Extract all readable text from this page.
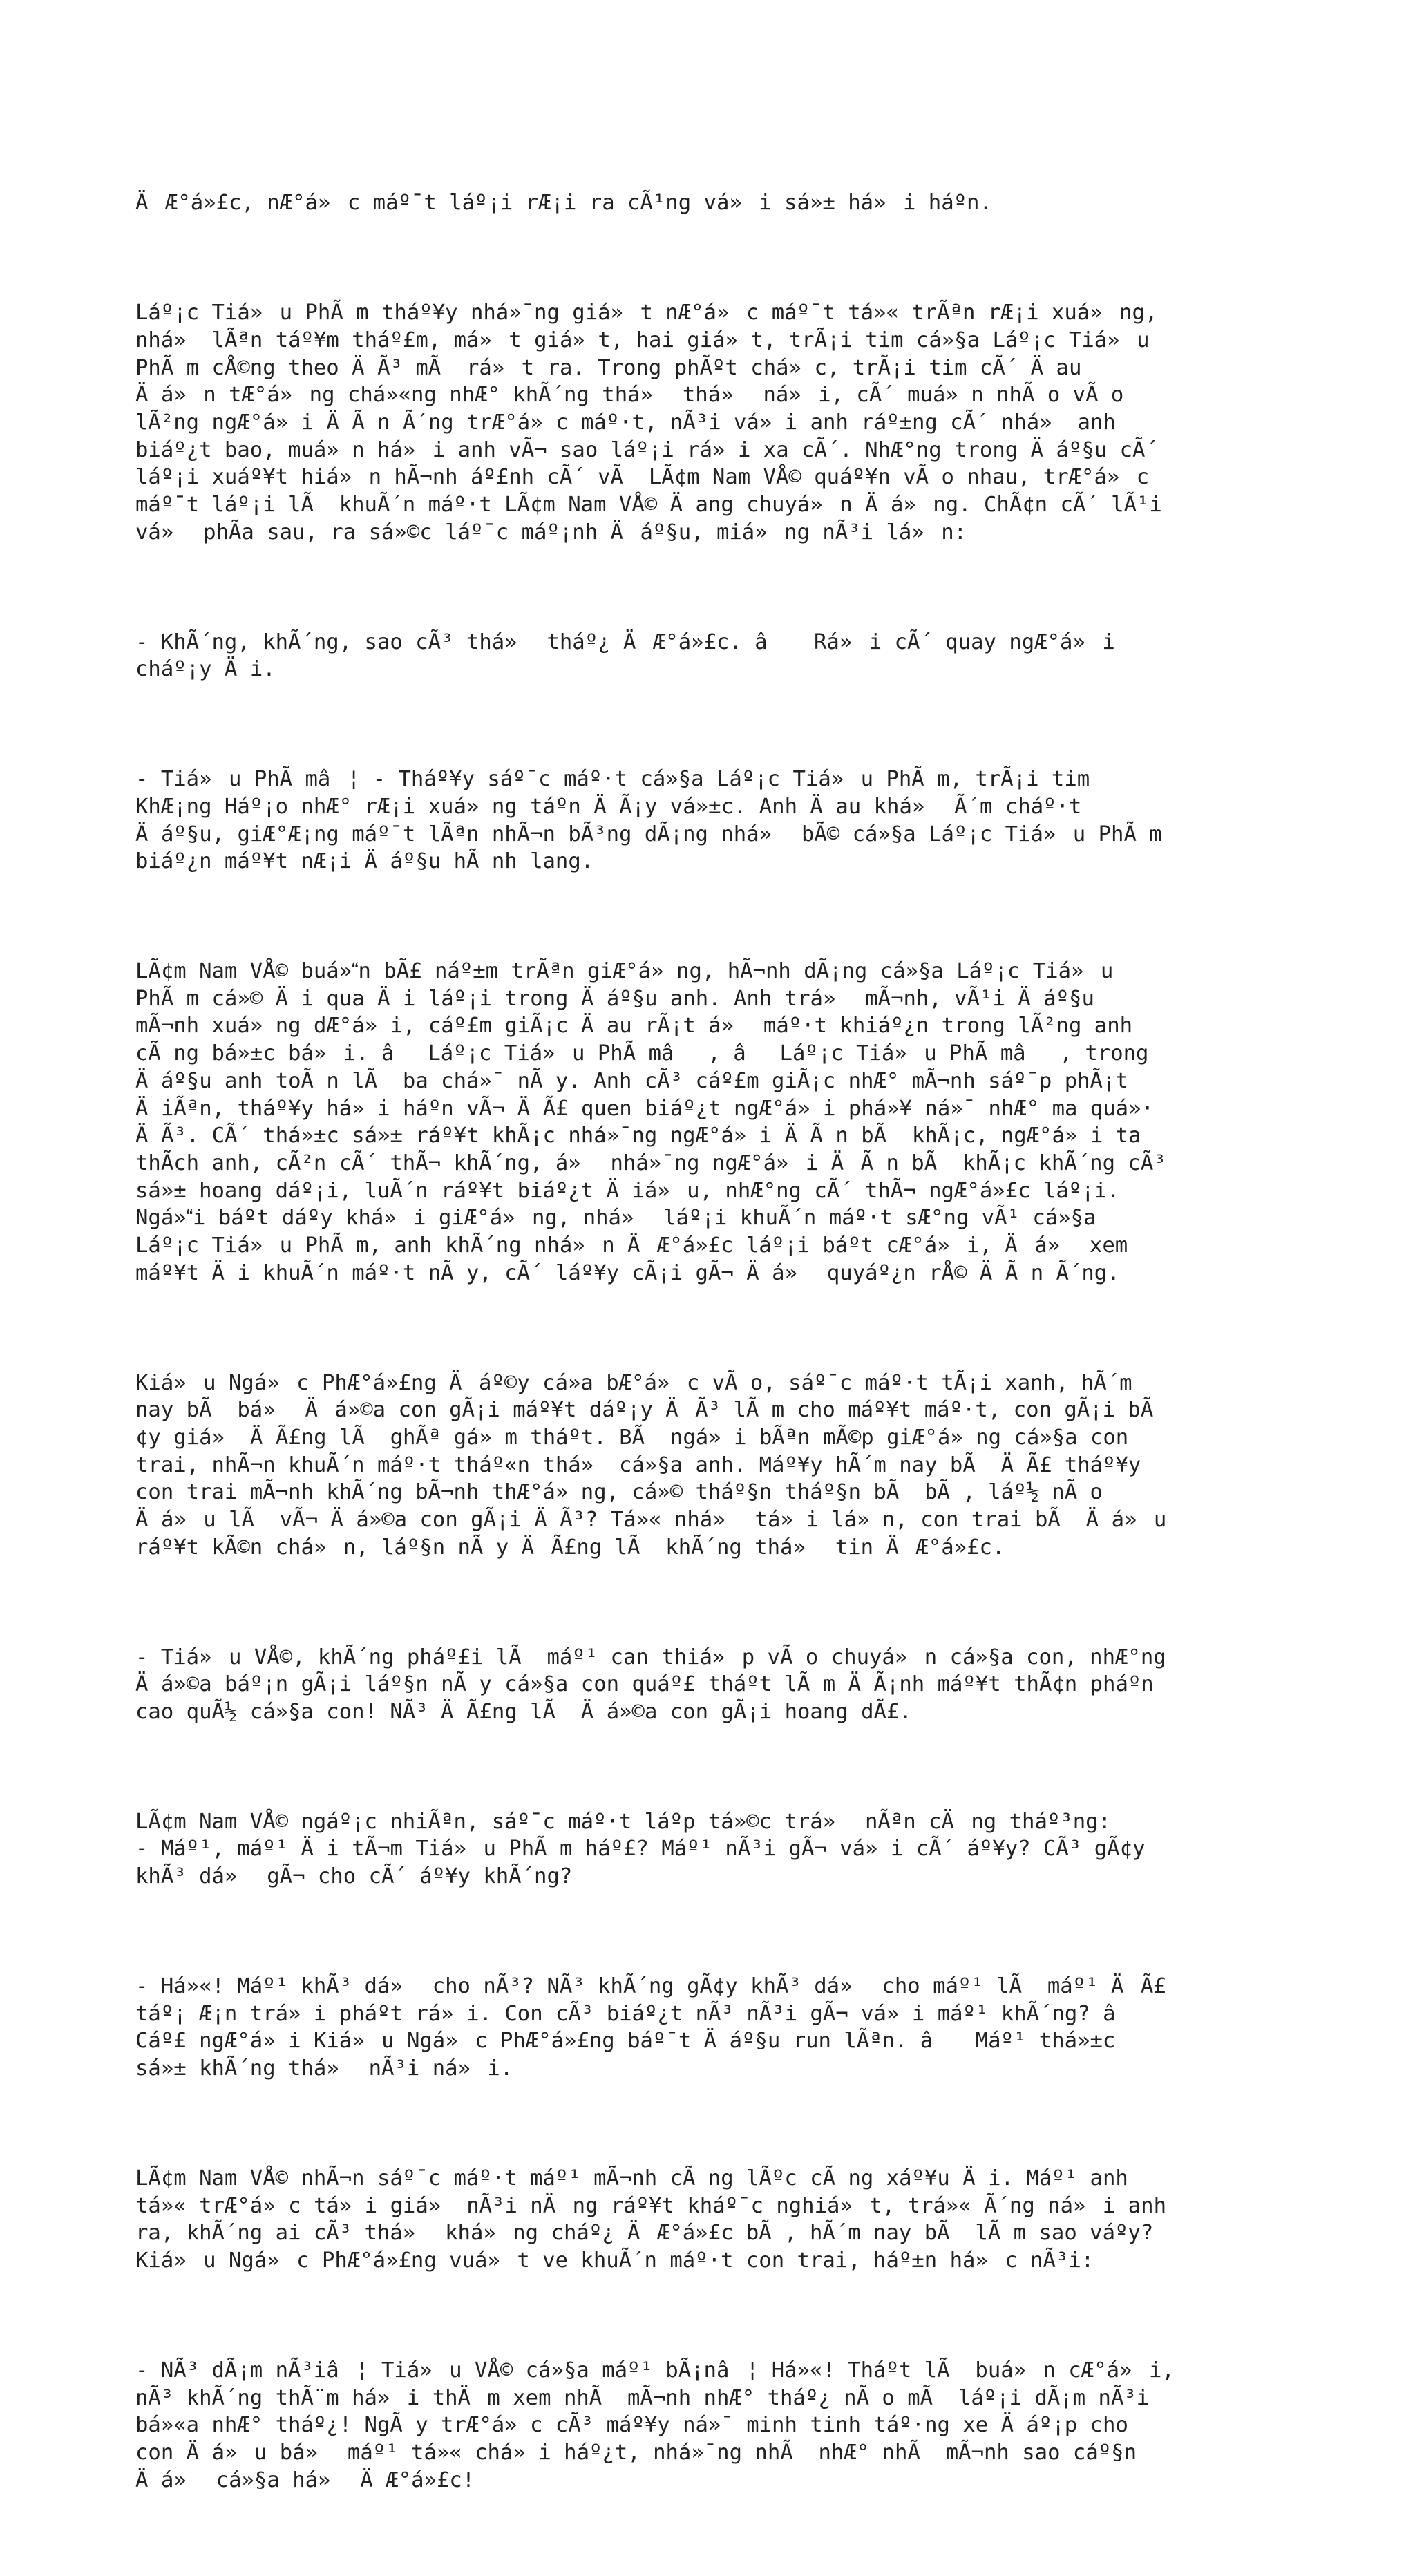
ÄÆ°á»£c, nÆ°á»c máº¯t láº¡i rÆ¡i ra cÃ¹ng vá»i sá»± há»i háºn.

Láº¡c Tiá»u PhÃ m tháº¥y nhá»¯ng giá»t nÆ°á»c máº¯t tá»« trÃªn rÆ¡i xuá»ng,
nhá» lÃªn táº¥m tháº£m, má»t giá»t, hai giá»t, trÃ¡i tim cá»§a Láº¡c Tiá»u
PhÃ m cÅ©ng theo ÄÃ³ mÃ  rá»t ra. Trong phÃºt chá»c, trÃ¡i tim cÃ´ Äau
Äá»n tÆ°á»ng chá»«ng nhÆ° khÃ´ng thá» thá» ná»i, cÃ´ muá»n nhÃ o vÃ o
lÃ²ng ngÆ°á»i ÄÃ n Ã´ng trÆ°á»c máº·t, nÃ³i vá»i anh ráº±ng cÃ´ nhá» anh
biáº¿t bao, muá»n há»i anh vÃ¬ sao láº¡i rá»i xa cÃ´. NhÆ°ng trong Äáº§u cÃ´
láº¡i xuáº¥t hiá»n hÃ¬nh áº£nh cÃ´ vÃ  LÃ¢m Nam VÅ© quáº¥n vÃ o nhau, trÆ°á»c
máº¯t láº¡i lÃ  khuÃ´n máº·t LÃ¢m Nam VÅ© Äang chuyá»n Äá»ng. ChÃ¢n cÃ´ lÃ¹i
vá» phÃa sau, ra sá»©c láº¯c máº¡nh Äáº§u, miá»ng nÃ³i lá»n:

- KhÃ´ng, khÃ´ng, sao cÃ³ thá» tháº¿ ÄÆ°á»£c. â Rá»i cÃ´ quay ngÆ°á»i
cháº¡y Äi.

- Tiá»u PhÃ mâ¦ - Tháº¥y sáº¯c máº·t cá»§a Láº¡c Tiá»u PhÃ m, trÃ¡i tim
KhÆ¡ng Háº¡o nhÆ° rÆ¡i xuá»ng táºn ÄÃ¡y vá»±c. Anh Äau khá» Ã´m cháº·t
Äáº§u, giÆ°Æ¡ng máº¯t lÃªn nhÃ¬n bÃ³ng dÃ¡ng nhá» bÃ© cá»§a Láº¡c Tiá»u PhÃ m
biáº¿n máº¥t nÆ¡i Äáº§u hÃ nh lang.

LÃ¢m Nam VÅ© buá»n bÃ£ náº±m trÃªn giÆ°á»ng, hÃ¬nh dÃ¡ng cá»§a Láº¡c Tiá»u
PhÃ m cá»© Äi qua Äi láº¡i trong Äáº§u anh. Anh trá» mÃ¬nh, vÃ¹i Äáº§u
mÃ¬nh xuá»ng dÆ°á»i, cáº£m giÃ¡c Äau rÃ¡t á» máº·t khiáº¿n trong lÃ²ng anh
cÃ ng bá»±c bá»i. âLáº¡c Tiá»u PhÃ mâ, âLáº¡c Tiá»u PhÃ mâ, trong
Äáº§u anh toÃ n lÃ  ba chá»¯ nÃ y. Anh cÃ³ cáº£m giÃ¡c nhÆ° mÃ¬nh sáº¯p phÃ¡t
ÄiÃªn, tháº¥y há»i háºn vÃ¬ ÄÃ£ quen biáº¿t ngÆ°á»i phá»¥ ná»¯ nhÆ° ma quá»·
ÄÃ³. CÃ´ thá»±c sá»± ráº¥t khÃ¡c nhá»¯ng ngÆ°á»i ÄÃ n bÃ  khÃ¡c, ngÆ°á»i ta
thÃch anh, cÃ²n cÃ´ thÃ¬ khÃ´ng, á» nhá»¯ng ngÆ°á»i ÄÃ n bÃ  khÃ¡c khÃ´ng cÃ³
sá»± hoang dáº¡i, luÃ´n ráº¥t biáº¿t Äiá»u, nhÆ°ng cÃ´ thÃ¬ ngÆ°á»£c láº¡i.
Ngá»i báºt dáºy khá»i giÆ°á»ng, nhá» láº¡i khuÃ´n máº·t sÆ°ng vÃ¹ cá»§a
Láº¡c Tiá»u PhÃ m, anh khÃ´ng nhá»n ÄÆ°á»£c láº¡i báºt cÆ°á»i, Äá» xem
máº¥t Äi khuÃ´n máº·t nÃ y, cÃ´ láº¥y cÃ¡i gÃ¬ Äá» quyáº¿n rÅ© ÄÃ n Ã´ng.

Kiá»u Ngá»c PhÆ°á»£ng Äáº©y cá»a bÆ°á»c vÃ o, sáº¯c máº·t tÃ¡i xanh, hÃ´m
nay bÃ  bá» Äá»©a con gÃ¡i máº¥t dáº¡y ÄÃ³ lÃ m cho máº¥t máº·t, con gÃ¡i bÃ
¢y giá» ÄÃ£ng lÃ  ghÃª gá»m tháºt. BÃ  ngá»i bÃªn mÃ©p giÆ°á»ng cá»§a con
trai, nhÃ¬n khuÃ´n máº·t tháº«n thá» cá»§a anh. Máº¥y hÃ´m nay bÃ  ÄÃ£ tháº¥y
con trai mÃ¬nh khÃ´ng bÃ¬nh thÆ°á»ng, cá»© tháº§n tháº§n bÃ  bÃ , láº½ nÃ o
Äá»u lÃ  vÃ¬ Äá»©a con gÃ¡i ÄÃ³? Tá»« nhá» tá»i lá»n, con trai bÃ  Äá»u
ráº¥t kÃ©n chá»n, láº§n nÃ y ÄÃ£ng lÃ  khÃ´ng thá» tin ÄÆ°á»£c.

- Tiá»u VÅ©, khÃ´ng pháº£i lÃ  máº¹ can thiá»p vÃ o chuyá»n cá»§a con, nhÆ°ng
Äá»©a báº¡n gÃ¡i láº§n nÃ y cá»§a con quáº£ tháºt lÃ m ÄÃ¡nh máº¥t thÃ¢n pháºn
cao quÃ½ cá»§a con! NÃ³ ÄÃ£ng lÃ  Äá»©a con gÃ¡i hoang dÃ£.

LÃ¢m Nam VÅ© ngáº¡c nhiÃªn, sáº¯c máº·t láºp tá»©c trá» nÃªn cÄng tháº³ng:
- Máº¹, máº¹ Äi tÃ¬m Tiá»u PhÃ m háº£? Máº¹ nÃ³i gÃ¬ vá»i cÃ´ áº¥y? CÃ³ gÃ¢y
khÃ³ dá» gÃ¬ cho cÃ´ áº¥y khÃ´ng?

- Há»«! Máº¹ khÃ³ dá» cho nÃ³? NÃ³ khÃ´ng gÃ¢y khÃ³ dá» cho máº¹ lÃ  máº¹ ÄÃ£
táº¡ Æ¡n trá»i pháºt rá»i. Con cÃ³ biáº¿t nÃ³ nÃ³i gÃ¬ vá»i máº¹ khÃ´ng? â
Cáº£ ngÆ°á»i Kiá»u Ngá»c PhÆ°á»£ng báº¯t Äáº§u run lÃªn. â Máº¹ thá»±c
sá»± khÃ´ng thá» nÃ³i ná»i.

LÃ¢m Nam VÅ© nhÃ¬n sáº¯c máº·t máº¹ mÃ¬nh cÃ ng lÃºc cÃ ng xáº¥u Äi. Máº¹ anh
tá»« trÆ°á»c tá»i giá» nÃ³i nÄng ráº¥t kháº¯c nghiá»t, trá»« Ã´ng ná»i anh
ra, khÃ´ng ai cÃ³ thá» khá»ng cháº¿ ÄÆ°á»£c bÃ , hÃ´m nay bÃ  lÃ m sao váºy?
Kiá»u Ngá»c PhÆ°á»£ng vuá»t ve khuÃ´n máº·t con trai, háº±n há»c nÃ³i:

- NÃ³ dÃ¡m nÃ³iâ¦ Tiá»u VÅ© cá»§a máº¹ bÃ¡nâ¦ Há»«! Tháºt lÃ  buá»n cÆ°á»i,
nÃ³ khÃ´ng thÃ¨m há»i thÄm xem nhÃ  mÃ¬nh nhÆ° tháº¿ nÃ o mÃ  láº¡i dÃ¡m nÃ³i
bá»«a nhÆ° tháº¿! NgÃ y trÆ°á»c cÃ³ máº¥y ná»¯ minh tinh táº·ng xe Äáº¡p cho
con Äá»u bá» máº¹ tá»« chá»i háº¿t, nhá»¯ng nhÃ  nhÆ° nhÃ  mÃ¬nh sao cáº§n
Äá» cá»§a há» ÄÆ°á»£c!
